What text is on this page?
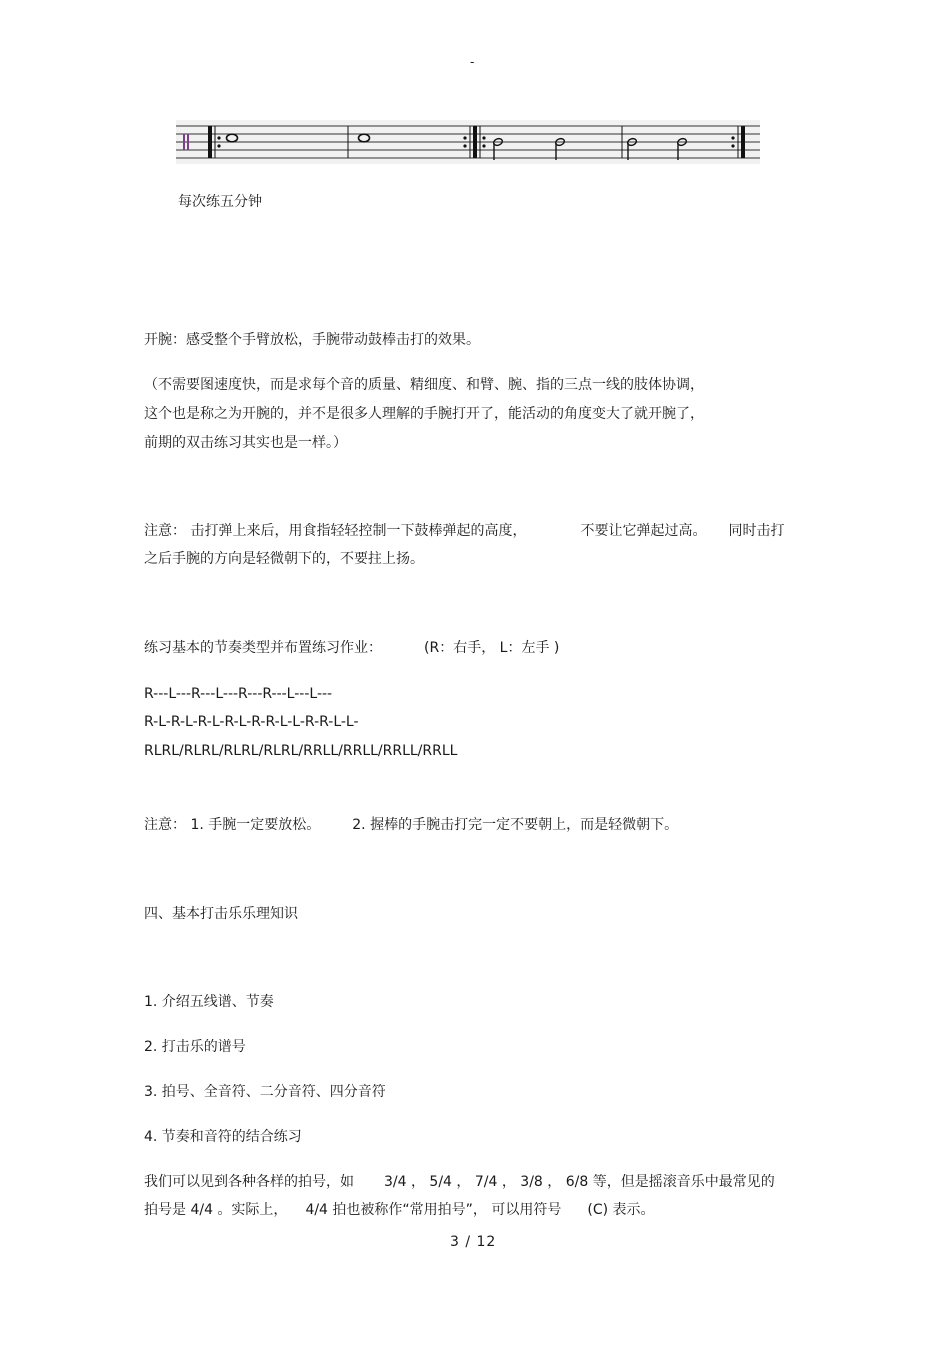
-
每次练五分钟
开腕：感受整个手臂放松，手腕带动鼓棒击打的效果。
（不需要图速度快，而是求每个音的质量、精细度、和臂、腕、指的三点一线的肢体协调，
这个也是称之为开腕的，并不是很多人理解的手腕打开了，能活动的角度变大了就开腕了，
前期的双击练习其实也是一样。）
注意： 击打弹上来后，用食指轻轻控制一下鼓棒弹起的高度，	不要让它弹起过高。 同时击打
之后手腕的方向是轻微朝下的，不要拄上扬。
练习基本的节奏类型并布置练习作业：	(R：右手， L：左手 )
R---L---R---L---R---R---L---L---
R-L-R-L-R-L-R-L-R-R-L-L-R-R-L-L-
RLRL/RLRL/RLRL/RLRL/RRLL/RRLL/RRLL/RRLL
注意： 1. 手腕一定要放松。 2. 握棒的手腕击打完一定不要朝上，而是轻微朝下。
四、基本打击乐乐理知识
1. 介绍五线谱、节奏
2. 打击乐的谱号
3. 拍号、全音符、二分音符、四分音符
4. 节奏和音符的结合练习
我们可以见到各种各样的拍号，如 3/4 ， 5/4 ， 7/4 ， 3/8 ， 6/8 等，但是摇滚音乐中最常见的
拍号是 4/4 。实际上， 4/4 拍也被称作“常用拍号”， 可以用符号 (C) 表示。
3 / 12
